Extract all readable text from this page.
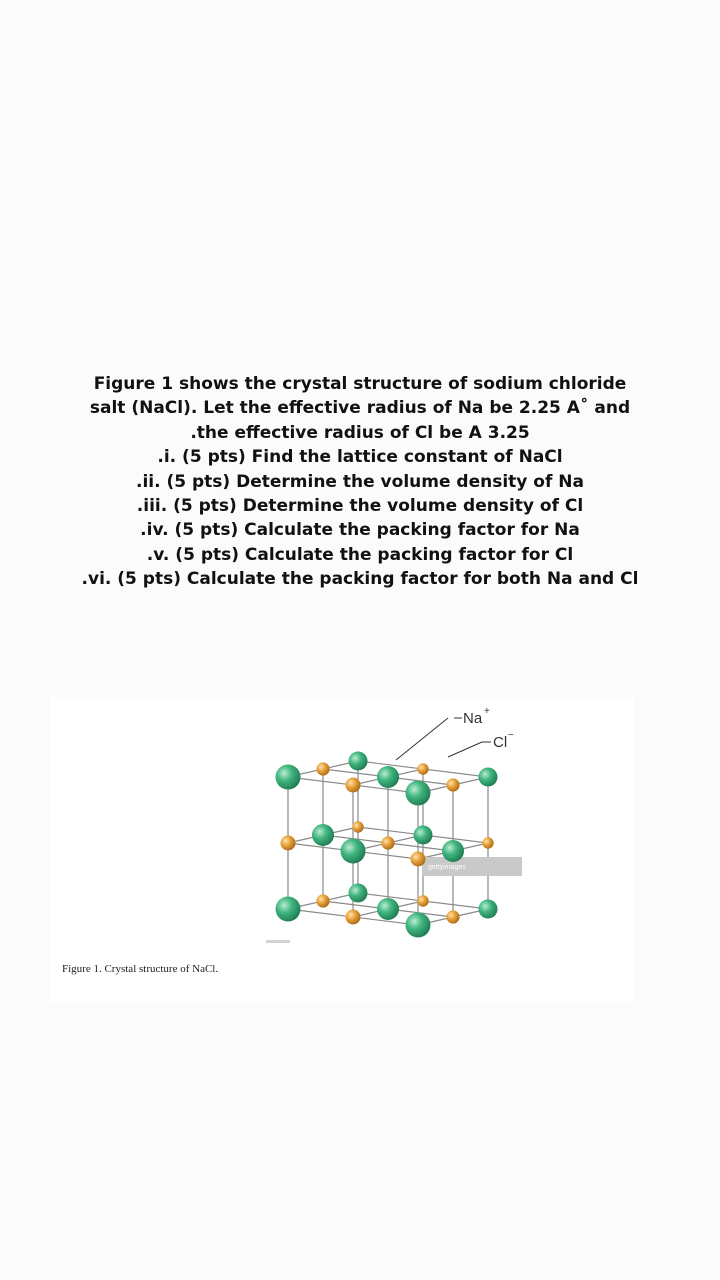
Figure 1 shows the crystal structure of sodium chloride
salt (NaCl). Let the effective radius of Na be 2.25 A˚ and
.the effective radius of Cl be A 3.25
.i. (5 pts) Find the lattice constant of NaCl
.ii. (5 pts) Determine the volume density of Na
.iii. (5 pts) Determine the volume density of Cl
.iv. (5 pts) Calculate the packing factor for Na
.v. (5 pts) Calculate the packing factor for Cl
.vi. (5 pts) Calculate the packing factor for both Na and Cl
gettyimages
Na +
Cl −
Figure 1. Crystal structure of NaCl.
